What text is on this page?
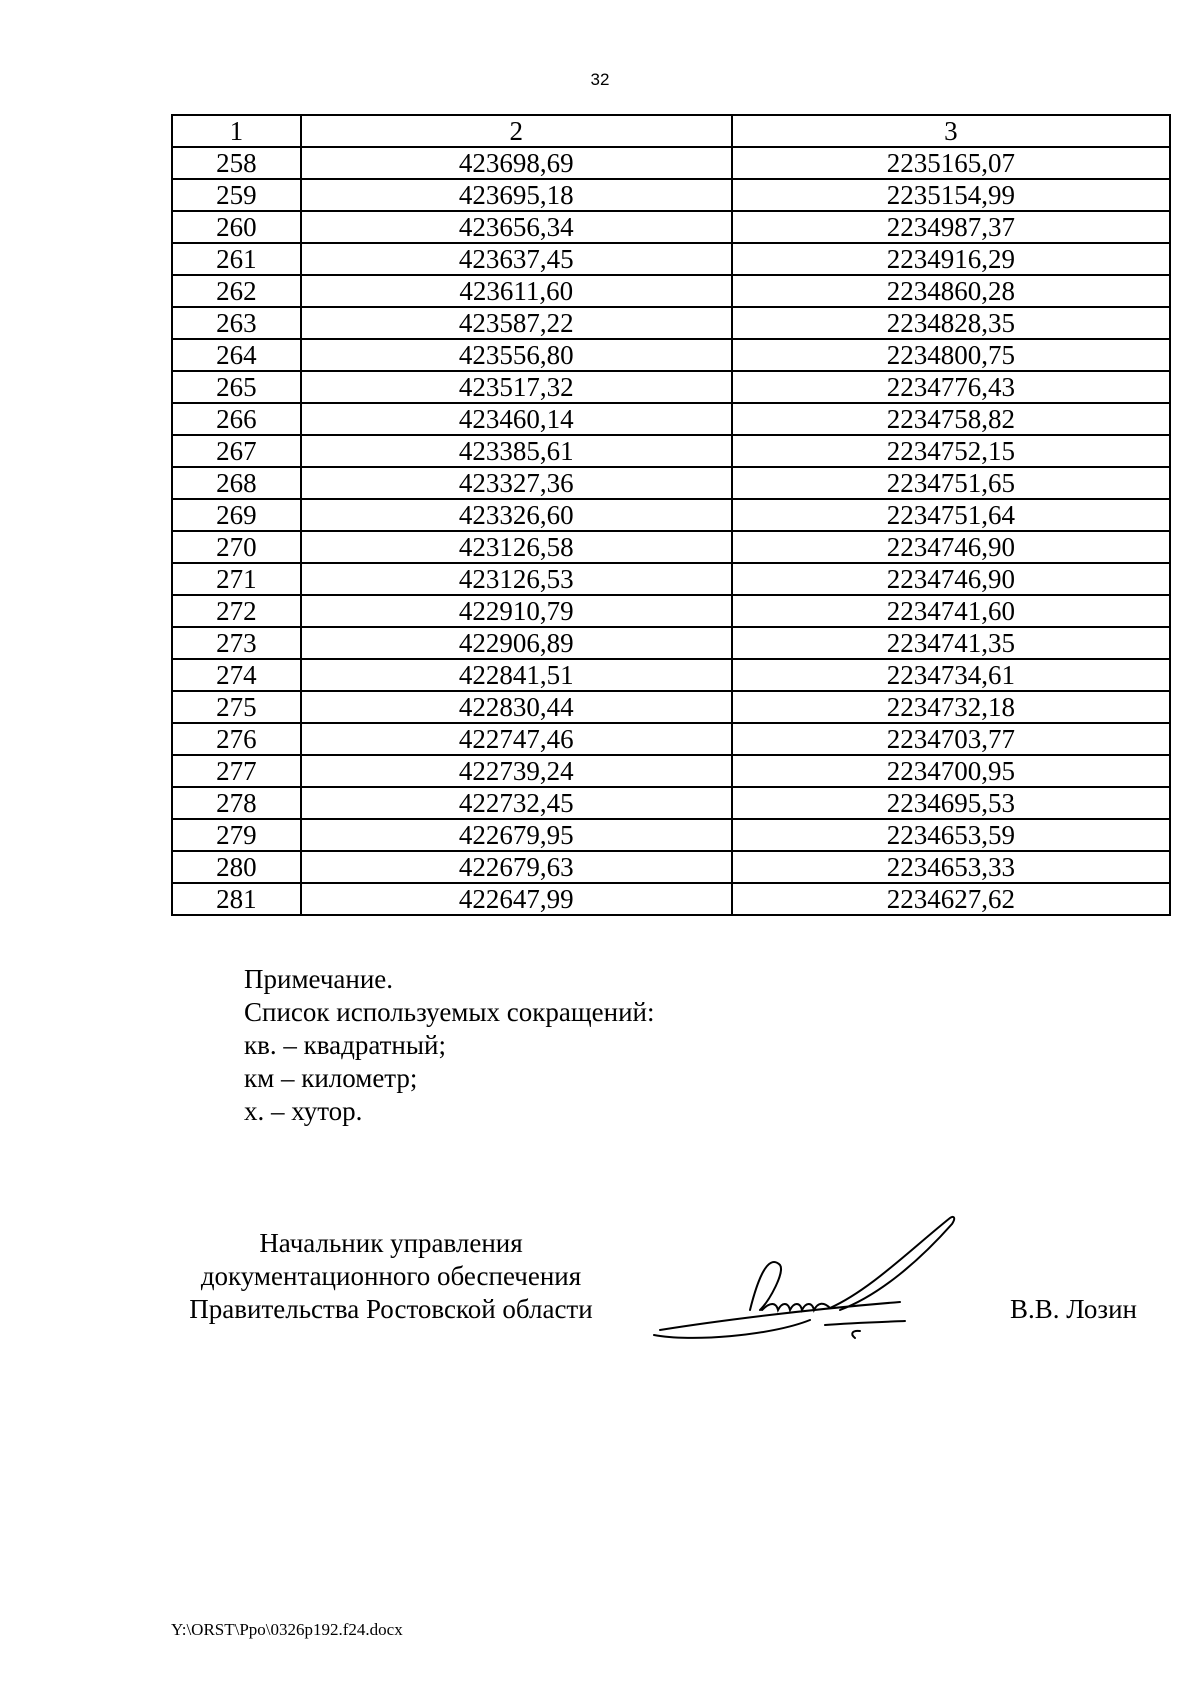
32
1	2	3
258	423698,69	2235165,07
259	423695,18	2235154,99
260	423656,34	2234987,37
261	423637,45	2234916,29
262	423611,60	2234860,28
263	423587,22	2234828,35
264	423556,80	2234800,75
265	423517,32	2234776,43
266	423460,14	2234758,82
267	423385,61	2234752,15
268	423327,36	2234751,65
269	423326,60	2234751,64
270	423126,58	2234746,90
271	423126,53	2234746,90
272	422910,79	2234741,60
273	422906,89	2234741,35
274	422841,51	2234734,61
275	422830,44	2234732,18
276	422747,46	2234703,77
277	422739,24	2234700,95
278	422732,45	2234695,53
279	422679,95	2234653,59
280	422679,63	2234653,33
281	422647,99	2234627,62
Примечание.
Список используемых сокращений:
кв. – квадратный;
км – километр;
х. – хутор.
Начальник управления
документационного обеспечения
Правительства Ростовской области	В.В. Лозин
Y:\ORST\Ppo\0326p192.f24.docx
